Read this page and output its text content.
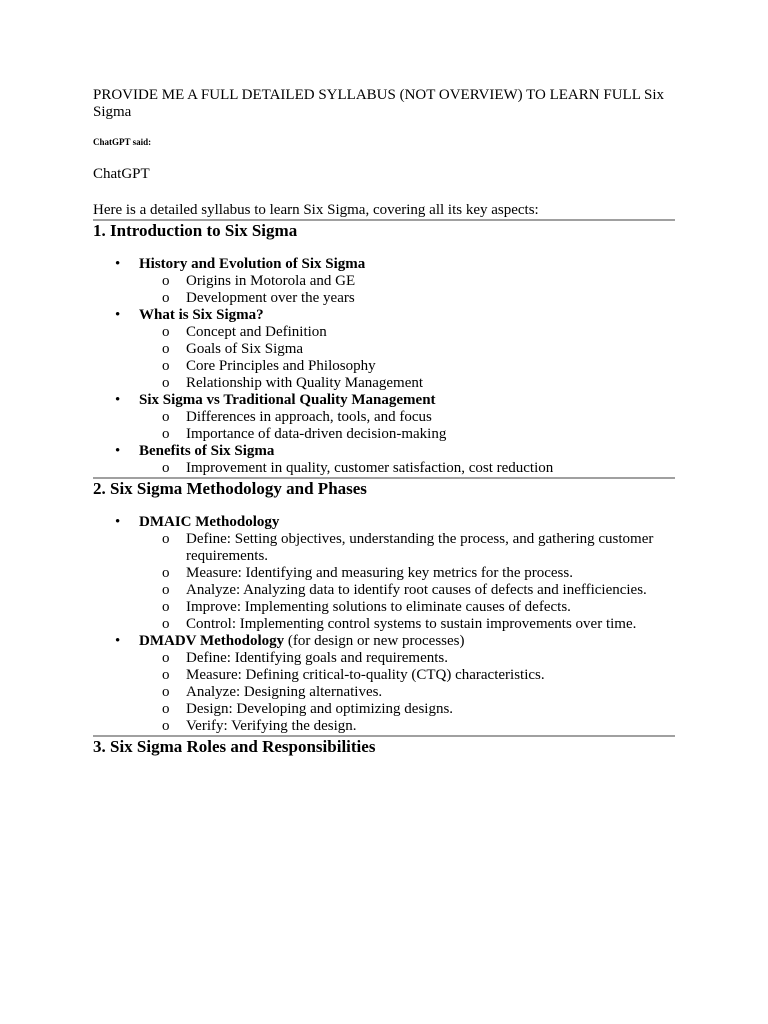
PROVIDE ME A FULL DETAILED SYLLABUS (NOT OVERVIEW) TO LEARN FULL Six Sigma

ChatGPT said:

ChatGPT

Here is a detailed syllabus to learn Six Sigma, covering all its key aspects:

1. Introduction to Six Sigma
• History and Evolution of Six Sigma
o Origins in Motorola and GE
o Development over the years
• What is Six Sigma?
o Concept and Definition
o Goals of Six Sigma
o Core Principles and Philosophy
o Relationship with Quality Management
• Six Sigma vs Traditional Quality Management
o Differences in approach, tools, and focus
o Importance of data-driven decision-making
• Benefits of Six Sigma
o Improvement in quality, customer satisfaction, cost reduction
2. Six Sigma Methodology and Phases
• DMAIC Methodology
o Define: Setting objectives, understanding the process, and gathering customer requirements.
o Measure: Identifying and measuring key metrics for the process.
o Analyze: Analyzing data to identify root causes of defects and inefficiencies.
o Improve: Implementing solutions to eliminate causes of defects.
o Control: Implementing control systems to sustain improvements over time.
• DMADV Methodology (for design or new processes)
o Define: Identifying goals and requirements.
o Measure: Defining critical-to-quality (CTQ) characteristics.
o Analyze: Designing alternatives.
o Design: Developing and optimizing designs.
o Verify: Verifying the design.
3. Six Sigma Roles and Responsibilities
